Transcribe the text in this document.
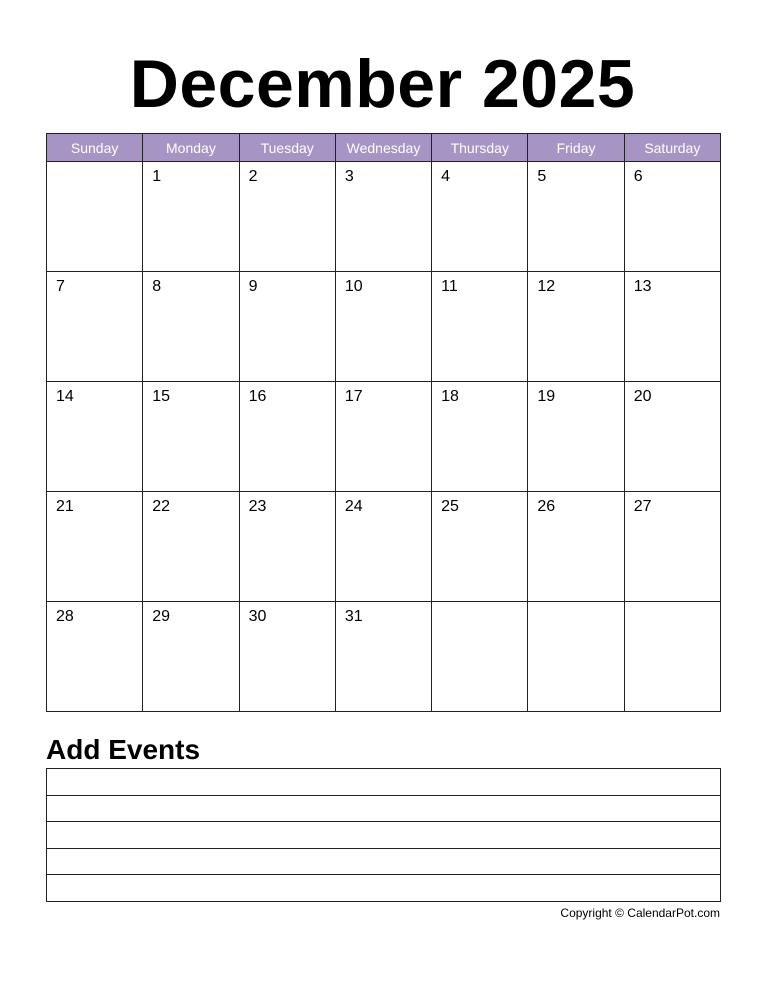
December 2025
Sunday	Monday	Tuesday	Wednesday	Thursday	Friday	Saturday

	1	2	3	4	5	6

7	8	9	10	11	12	13

14	15	16	17	18	19	20

21	22	23	24	25	26	27

28	29	30	31			

Add Events

Copyright © CalendarPot.com
